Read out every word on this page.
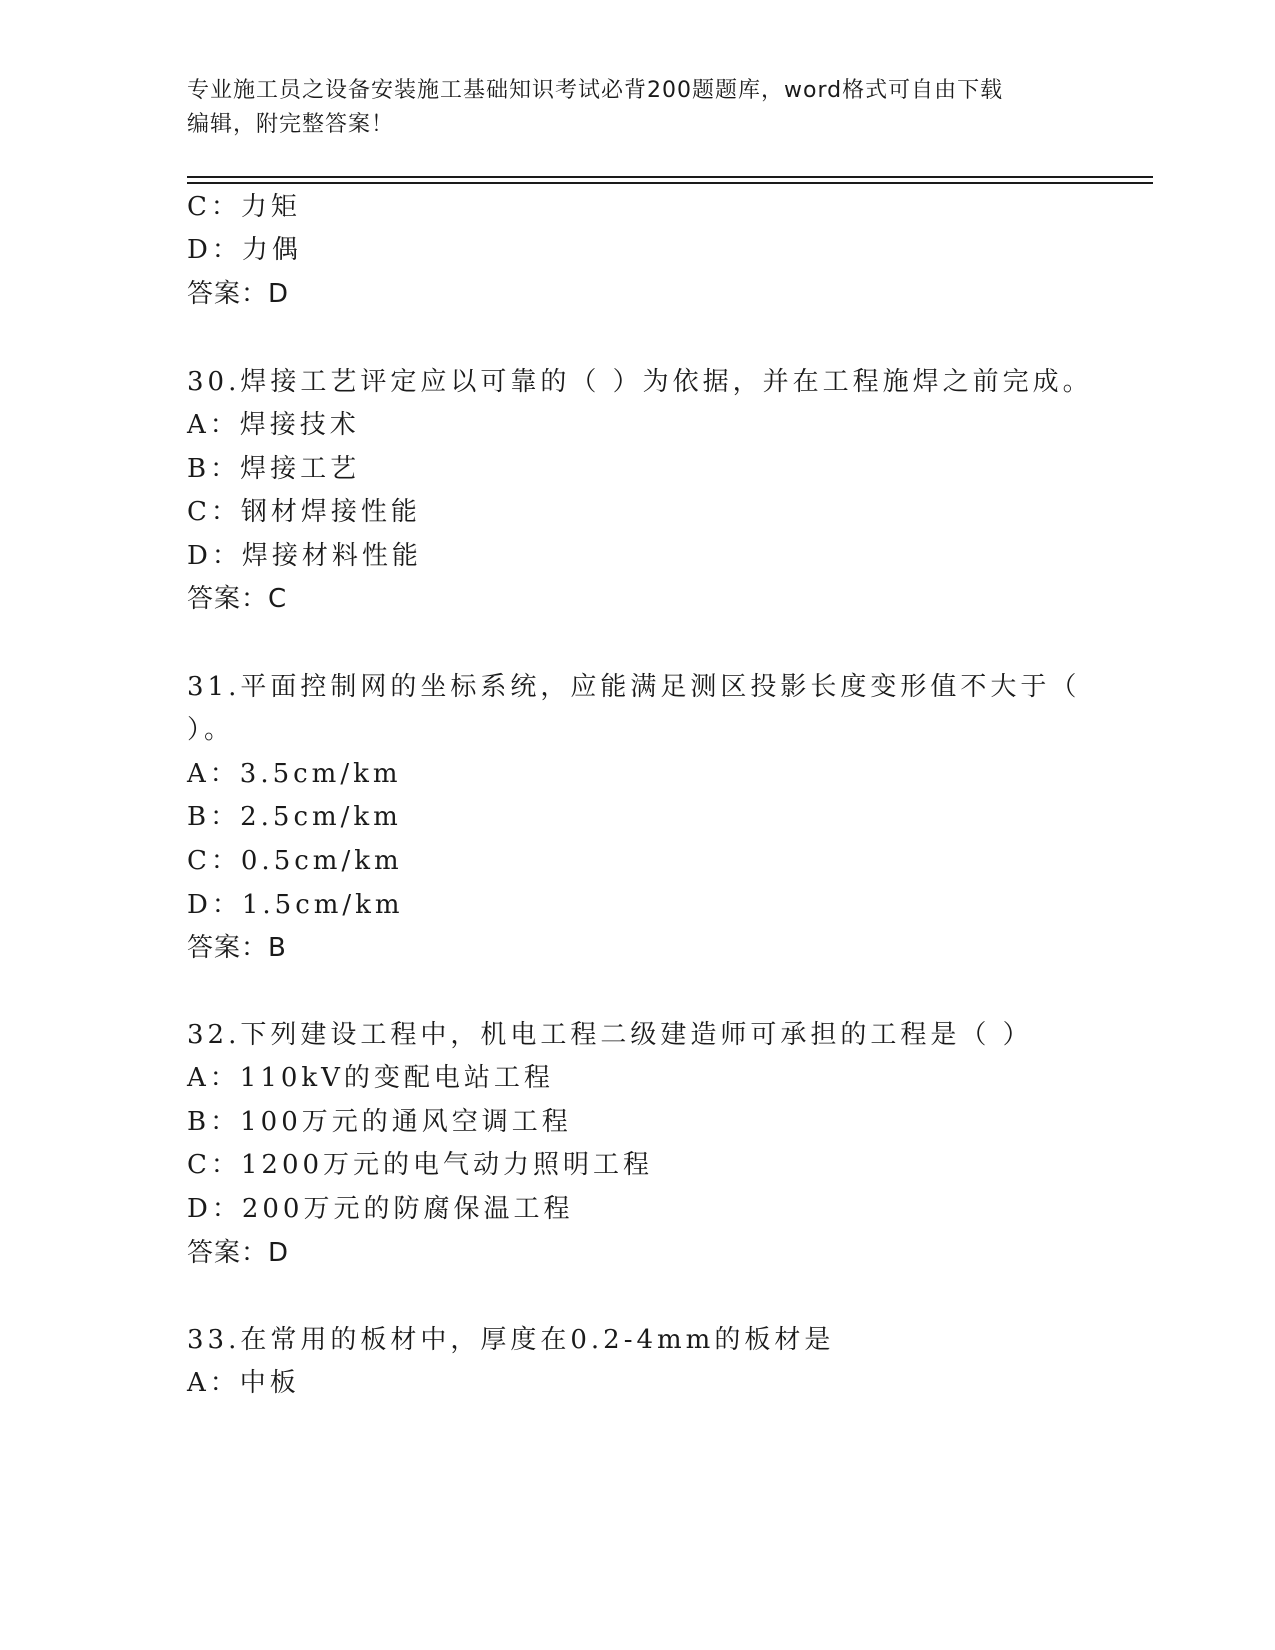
专业施工员之设备安装施工基础知识考试必背200题题库，word格式可自由下载
编辑，附完整答案！
C：力矩
D：力偶
答案：D
30.焊接工艺评定应以可靠的（ ）为依据，并在工程施焊之前完成。
A：焊接技术
B：焊接工艺
C：钢材焊接性能
D：焊接材料性能
答案：C
31.平面控制网的坐标系统，应能满足测区投影长度变形值不大于（
）。
A：3.5cm/km
B：2.5cm/km
C：0.5cm/km
D：1.5cm/km
答案：B
32.下列建设工程中，机电工程二级建造师可承担的工程是（ ）
A：110kV的变配电站工程
B：100万元的通风空调工程
C：1200万元的电气动力照明工程
D：200万元的防腐保温工程
答案：D
33.在常用的板材中，厚度在0.2-4mm的板材是
A：中板
